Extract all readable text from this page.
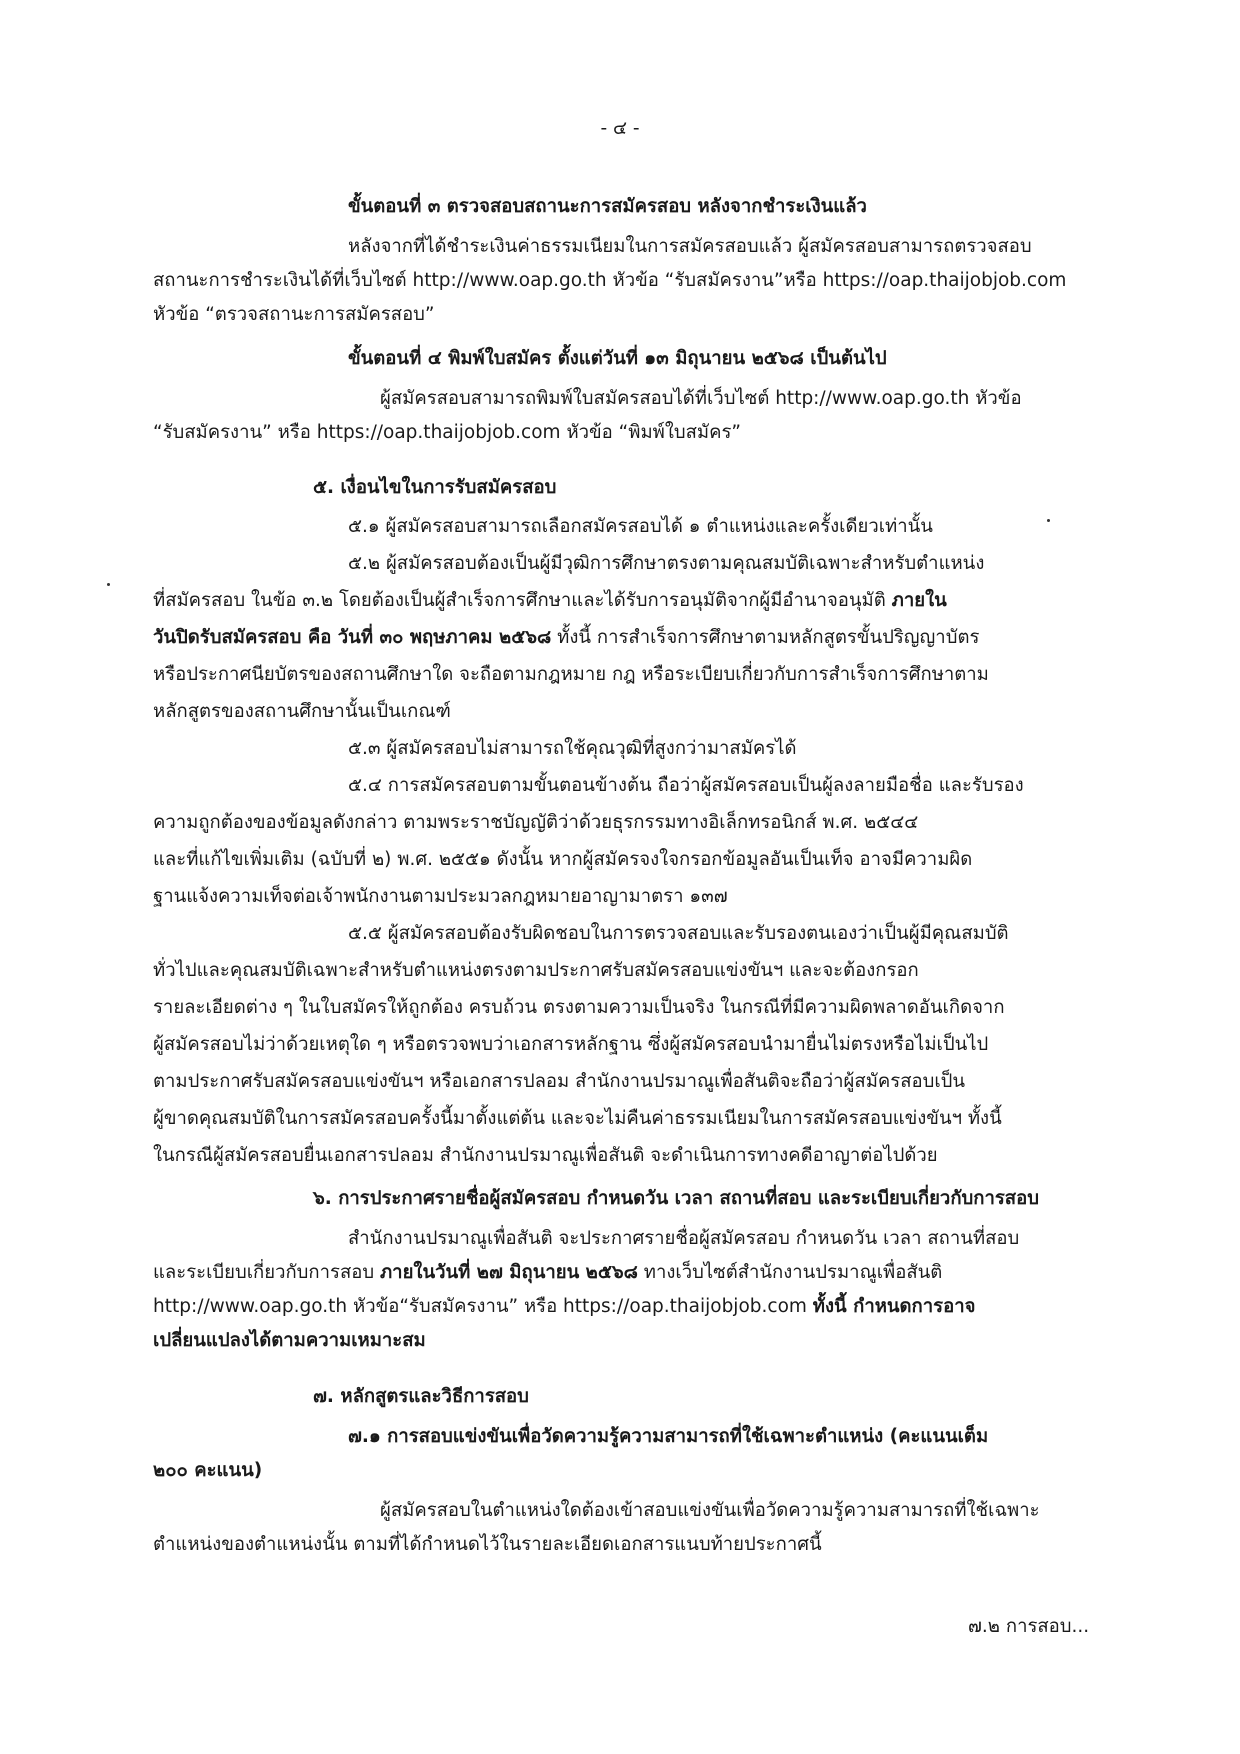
- ๔ -
ขั้นตอนที่ ๓ ตรวจสอบสถานะการสมัครสอบ หลังจากชำระเงินแล้ว
หลังจากที่ได้ชำระเงินค่าธรรมเนียมในการสมัครสอบแล้ว ผู้สมัครสอบสามารถตรวจสอบ
สถานะการชำระเงินได้ที่เว็บไซต์ http://www.oap.go.th หัวข้อ “รับสมัครงาน”หรือ https://oap.thaijobjob.com
หัวข้อ “ตรวจสถานะการสมัครสอบ”
ขั้นตอนที่ ๔ พิมพ์ใบสมัคร ตั้งแต่วันที่ ๑๓ มิถุนายน ๒๕๖๘ เป็นต้นไป
ผู้สมัครสอบสามารถพิมพ์ใบสมัครสอบได้ที่เว็บไซต์ http://www.oap.go.th หัวข้อ
“รับสมัครงาน” หรือ https://oap.thaijobjob.com หัวข้อ “พิมพ์ใบสมัคร”
๕. เงื่อนไขในการรับสมัครสอบ
๕.๑ ผู้สมัครสอบสามารถเลือกสมัครสอบได้ ๑ ตำแหน่งและครั้งเดียวเท่านั้น
๕.๒ ผู้สมัครสอบต้องเป็นผู้มีวุฒิการศึกษาตรงตามคุณสมบัติเฉพาะสำหรับตำแหน่ง
ที่สมัครสอบ ในข้อ ๓.๒ โดยต้องเป็นผู้สำเร็จการศึกษาและได้รับการอนุมัติจากผู้มีอำนาจอนุมัติ ภายใน
วันปิดรับสมัครสอบ คือ วันที่ ๓๐ พฤษภาคม ๒๕๖๘ ทั้งนี้ การสำเร็จการศึกษาตามหลักสูตรขั้นปริญญาบัตร
หรือประกาศนียบัตรของสถานศึกษาใด จะถือตามกฎหมาย กฎ หรือระเบียบเกี่ยวกับการสำเร็จการศึกษาตาม
หลักสูตรของสถานศึกษานั้นเป็นเกณฑ์
๕.๓ ผู้สมัครสอบไม่สามารถใช้คุณวุฒิที่สูงกว่ามาสมัครได้
๕.๔ การสมัครสอบตามขั้นตอนข้างต้น ถือว่าผู้สมัครสอบเป็นผู้ลงลายมือชื่อ และรับรอง
ความถูกต้องของข้อมูลดังกล่าว ตามพระราชบัญญัติว่าด้วยธุรกรรมทางอิเล็กทรอนิกส์ พ.ศ. ๒๕๔๔
และที่แก้ไขเพิ่มเติม (ฉบับที่ ๒) พ.ศ. ๒๕๕๑ ดังนั้น หากผู้สมัครจงใจกรอกข้อมูลอันเป็นเท็จ อาจมีความผิด
ฐานแจ้งความเท็จต่อเจ้าพนักงานตามประมวลกฎหมายอาญามาตรา ๑๓๗
๕.๕ ผู้สมัครสอบต้องรับผิดชอบในการตรวจสอบและรับรองตนเองว่าเป็นผู้มีคุณสมบัติ
ทั่วไปและคุณสมบัติเฉพาะสำหรับตำแหน่งตรงตามประกาศรับสมัครสอบแข่งขันฯ และจะต้องกรอก
รายละเอียดต่าง ๆ ในใบสมัครให้ถูกต้อง ครบถ้วน ตรงตามความเป็นจริง ในกรณีที่มีความผิดพลาดอันเกิดจาก
ผู้สมัครสอบไม่ว่าด้วยเหตุใด ๆ หรือตรวจพบว่าเอกสารหลักฐาน ซึ่งผู้สมัครสอบนำมายื่นไม่ตรงหรือไม่เป็นไป
ตามประกาศรับสมัครสอบแข่งขันฯ หรือเอกสารปลอม สำนักงานปรมาณูเพื่อสันติจะถือว่าผู้สมัครสอบเป็น
ผู้ขาดคุณสมบัติในการสมัครสอบครั้งนี้มาตั้งแต่ต้น และจะไม่คืนค่าธรรมเนียมในการสมัครสอบแข่งขันฯ ทั้งนี้
ในกรณีผู้สมัครสอบยื่นเอกสารปลอม สำนักงานปรมาณูเพื่อสันติ จะดำเนินการทางคดีอาญาต่อไปด้วย
๖. การประกาศรายชื่อผู้สมัครสอบ กำหนดวัน เวลา สถานที่สอบ และระเบียบเกี่ยวกับการสอบ
สำนักงานปรมาณูเพื่อสันติ จะประกาศรายชื่อผู้สมัครสอบ กำหนดวัน เวลา สถานที่สอบ
และระเบียบเกี่ยวกับการสอบ ภายในวันที่ ๒๗ มิถุนายน ๒๕๖๘ ทางเว็บไซต์สำนักงานปรมาณูเพื่อสันติ
http://www.oap.go.th หัวข้อ“รับสมัครงาน” หรือ https://oap.thaijobjob.com ทั้งนี้ กำหนดการอาจ
เปลี่ยนแปลงได้ตามความเหมาะสม
๗. หลักสูตรและวิธีการสอบ
๗.๑ การสอบแข่งขันเพื่อวัดความรู้ความสามารถที่ใช้เฉพาะตำแหน่ง (คะแนนเต็ม
๒๐๐ คะแนน)
ผู้สมัครสอบในตำแหน่งใดต้องเข้าสอบแข่งขันเพื่อวัดความรู้ความสามารถที่ใช้เฉพาะ
ตำแหน่งของตำแหน่งนั้น ตามที่ได้กำหนดไว้ในรายละเอียดเอกสารแนบท้ายประกาศนี้
๗.๒ การสอบ...
